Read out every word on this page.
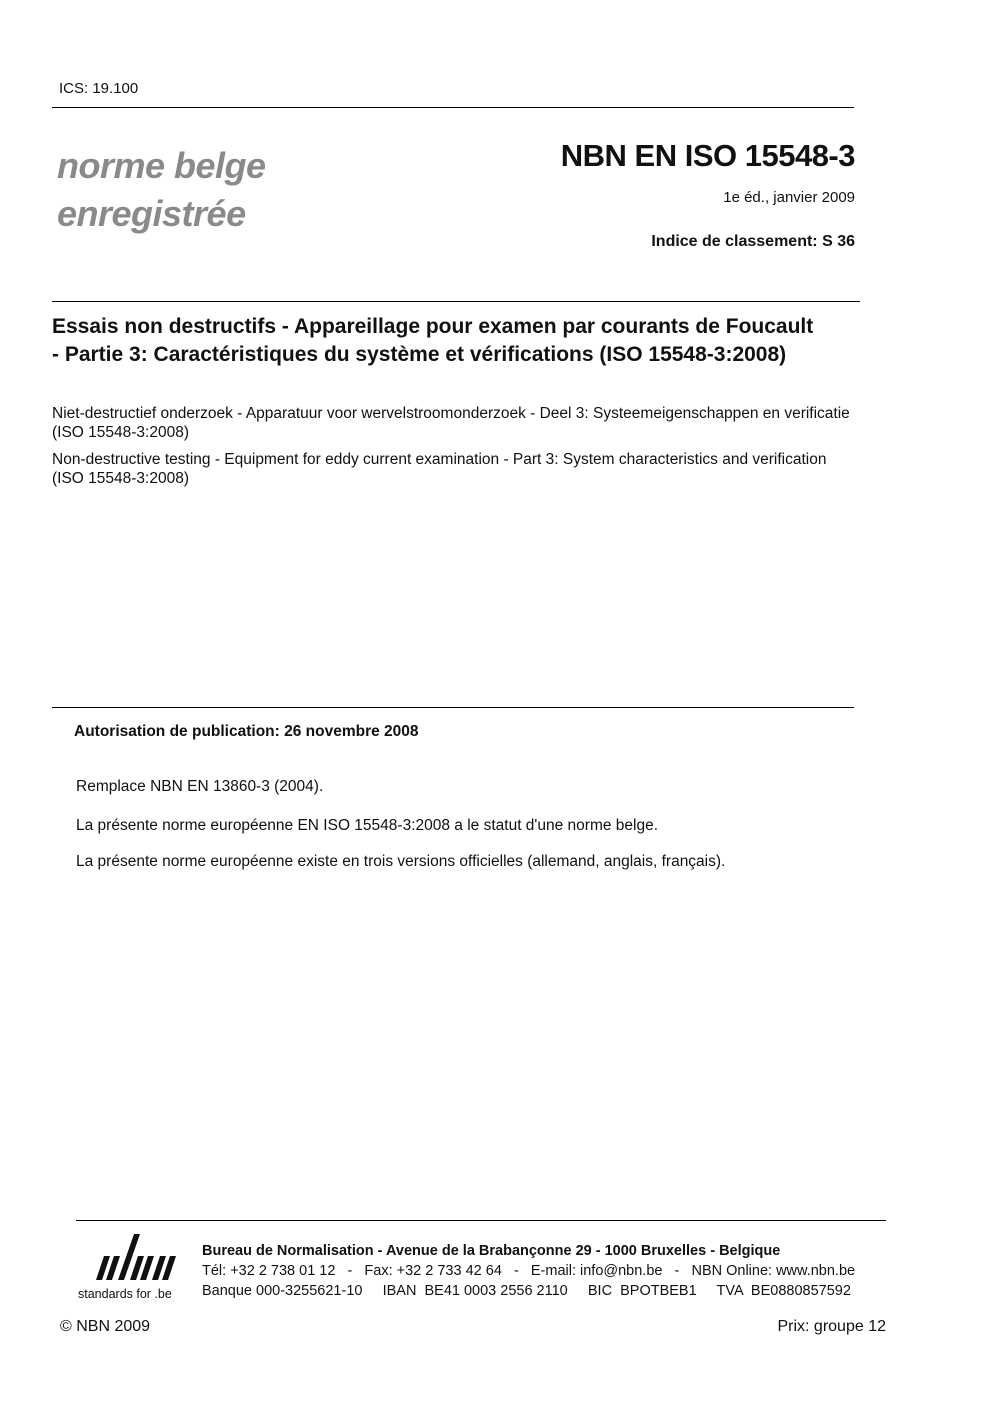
ICS: 19.100
norme belge
enregistrée
NBN EN ISO 15548-3
1e éd., janvier 2009
Indice de classement: S 36
Essais non destructifs - Appareillage pour examen par courants de Foucault - Partie 3: Caractéristiques du système et vérifications (ISO 15548-3:2008)
Niet-destructief onderzoek - Apparatuur voor wervelstroomonderzoek - Deel 3: Systeemeigenschappen en verificatie (ISO 15548-3:2008)
Non-destructive testing - Equipment for eddy current examination - Part 3: System characteristics and verification (ISO 15548-3:2008)
Autorisation de publication: 26 novembre 2008
Remplace NBN EN 13860-3 (2004).
La présente norme européenne EN ISO 15548-3:2008 a le statut d'une norme belge.
La présente norme européenne existe en trois versions officielles (allemand, anglais, français).
standards for .be
Bureau de Normalisation - Avenue de la Brabançonne 29 - 1000 Bruxelles - Belgique
Tél: +32 2 738 01 12   -   Fax: +32 2 733 42 64   -   E-mail: info@nbn.be   -   NBN Online: www.nbn.be
Banque 000-3255621-10     IBAN  BE41 0003 2556 2110     BIC  BPOTBEB1     TVA  BE0880857592
© NBN 2009	Prix: groupe 12
